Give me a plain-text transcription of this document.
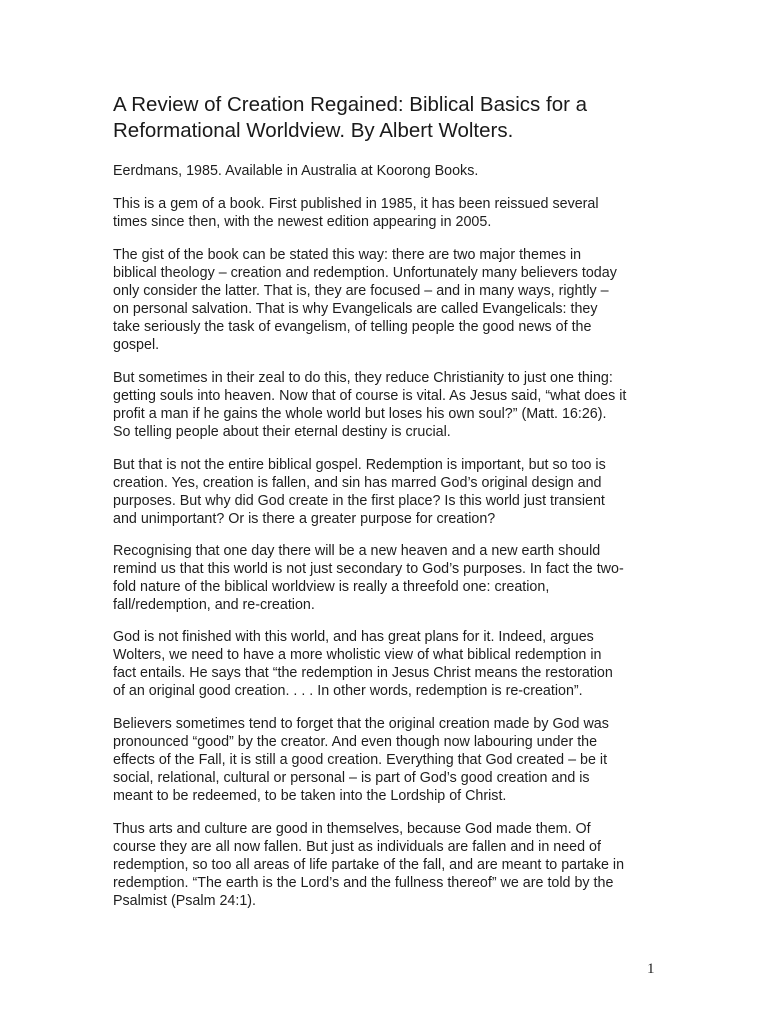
A Review of Creation Regained: Biblical Basics for a
Reformational Worldview. By Albert Wolters.

Eerdmans, 1985. Available in Australia at Koorong Books.

This is a gem of a book. First published in 1985, it has been reissued several
times since then, with the newest edition appearing in 2005.

The gist of the book can be stated this way: there are two major themes in
biblical theology – creation and redemption. Unfortunately many believers today
only consider the latter. That is, they are focused – and in many ways, rightly –
on personal salvation. That is why Evangelicals are called Evangelicals: they
take seriously the task of evangelism, of telling people the good news of the
gospel.

But sometimes in their zeal to do this, they reduce Christianity to just one thing:
getting souls into heaven. Now that of course is vital. As Jesus said, “what does it
profit a man if he gains the whole world but loses his own soul?” (Matt. 16:26).
So telling people about their eternal destiny is crucial.

But that is not the entire biblical gospel. Redemption is important, but so too is
creation. Yes, creation is fallen, and sin has marred God’s original design and
purposes. But why did God create in the first place? Is this world just transient
and unimportant? Or is there a greater purpose for creation?

Recognising that one day there will be a new heaven and a new earth should
remind us that this world is not just secondary to God’s purposes. In fact the two-
fold nature of the biblical worldview is really a threefold one: creation,
fall/redemption, and re-creation.

God is not finished with this world, and has great plans for it. Indeed, argues
Wolters, we need to have a more wholistic view of what biblical redemption in
fact entails. He says that “the redemption in Jesus Christ means the restoration
of an original good creation. . . . In other words, redemption is re-creation”.

Believers sometimes tend to forget that the original creation made by God was
pronounced “good” by the creator. And even though now labouring under the
effects of the Fall, it is still a good creation. Everything that God created – be it
social, relational, cultural or personal – is part of God’s good creation and is
meant to be redeemed, to be taken into the Lordship of Christ.

Thus arts and culture are good in themselves, because God made them. Of
course they are all now fallen. But just as individuals are fallen and in need of
redemption, so too all areas of life partake of the fall, and are meant to partake in
redemption. “The earth is the Lord’s and the fullness thereof” we are told by the
Psalmist (Psalm 24:1).

1
